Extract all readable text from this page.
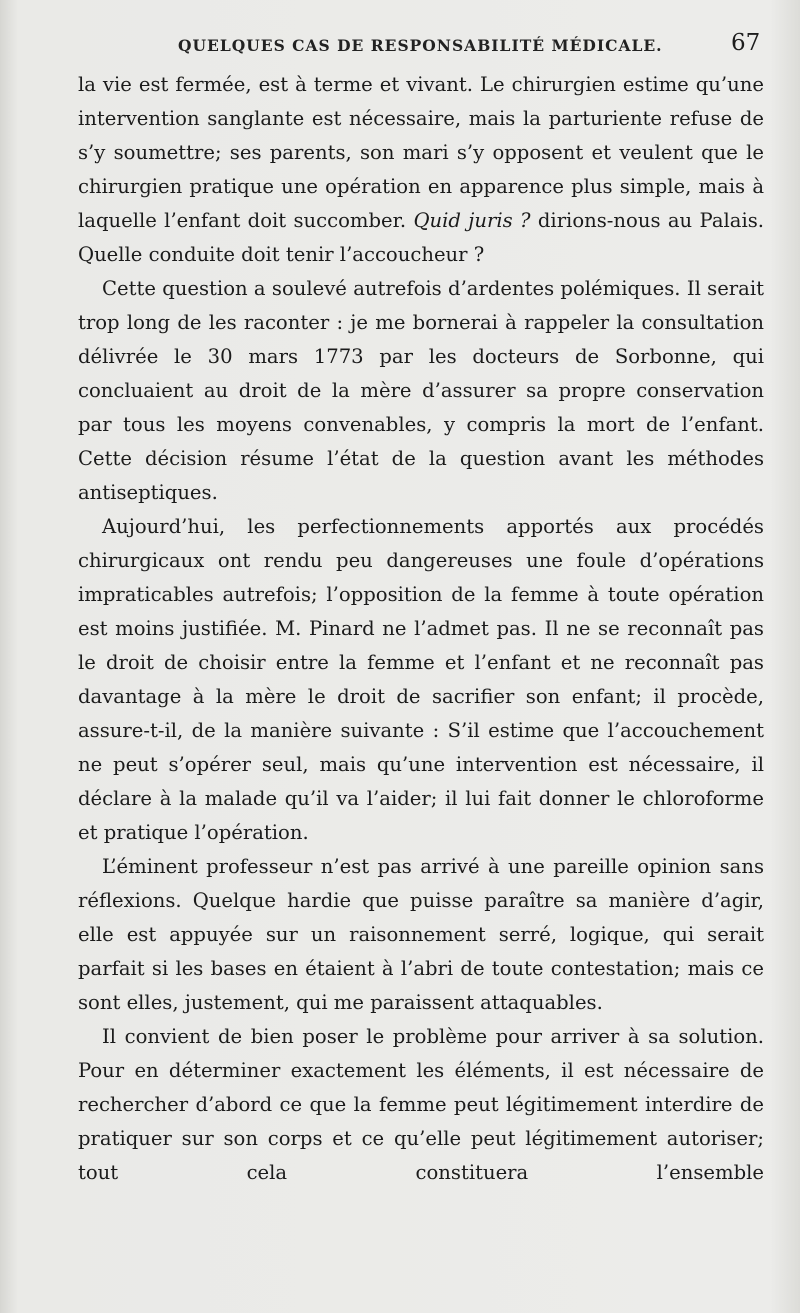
QUELQUES CAS DE RESPONSABILITÉ MÉDICALE.	67

la vie est fermée, est à terme et vivant. Le chirurgien estime qu’une intervention sanglante est nécessaire, mais la parturiente refuse de s’y soumettre; ses parents, son mari s’y opposent et veulent que le chirurgien pratique une opération en apparence plus simple, mais à laquelle l’enfant doit succomber. Quid juris ? dirions-nous au Palais. Quelle conduite doit tenir l’accoucheur ?

Cette question a soulevé autrefois d’ardentes polémiques. Il serait trop long de les raconter : je me bornerai à rappeler la consultation délivrée le 30 mars 1773 par les docteurs de Sorbonne, qui concluaient au droit de la mère d’assurer sa propre conservation par tous les moyens convenables, y compris la mort de l’enfant. Cette décision résume l’état de la question avant les méthodes antiseptiques.

Aujourd’hui, les perfectionnements apportés aux procédés chirurgicaux ont rendu peu dangereuses une foule d’opérations impraticables autrefois; l’opposition de la femme à toute opération est moins justifiée. M. Pinard ne l’admet pas. Il ne se reconnaît pas le droit de choisir entre la femme et l’enfant et ne reconnaît pas davantage à la mère le droit de sacrifier son enfant; il procède, assure-t-il, de la manière suivante : S’il estime que l’accouchement ne peut s’opérer seul, mais qu’une intervention est nécessaire, il déclare à la malade qu’il va l’aider; il lui fait donner le chloroforme et pratique l’opération.

L’éminent professeur n’est pas arrivé à une pareille opinion sans réflexions. Quelque hardie que puisse paraître sa manière d’agir, elle est appuyée sur un raisonnement serré, logique, qui serait parfait si les bases en étaient à l’abri de toute contestation; mais ce sont elles, justement, qui me paraissent attaquables.

Il convient de bien poser le problème pour arriver à sa solution. Pour en déterminer exactement les éléments, il est nécessaire de rechercher d’abord ce que la femme peut légitimement interdire de pratiquer sur son corps et ce qu’elle peut légitimement autoriser; tout cela constituera l’ensemble
